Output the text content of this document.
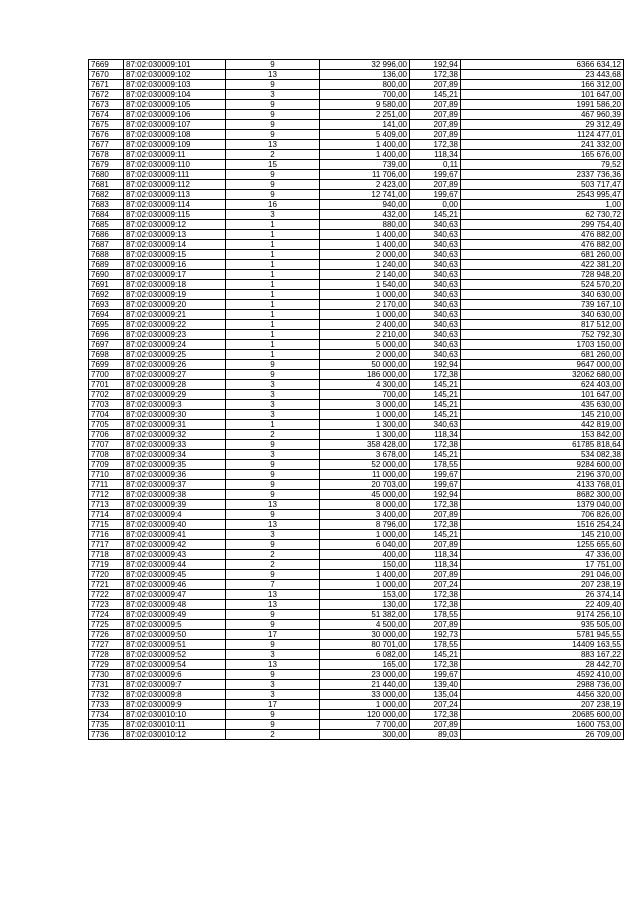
7669	87:02:030009:101	9	32 996,00	192,94	6366 634,12
7670	87:02:030009:102	13	136,00	172,38	23 443,68
7671	87:02:030009:103	9	800,00	207,89	166 312,00
7672	87:02:030009:104	3	700,00	145,21	101 647,00
7673	87:02:030009:105	9	9 580,00	207,89	1991 586,20
7674	87:02:030009:106	9	2 251,00	207,89	467 960,39
7675	87:02:030009:107	9	141,00	207,89	29 312,49
7676	87:02:030009:108	9	5 409,00	207,89	1124 477,01
7677	87:02:030009:109	13	1 400,00	172,38	241 332,00
7678	87:02:030009:11	2	1 400,00	118,34	165 676,00
7679	87:02:030009:110	15	739,00	0,11	79,52
7680	87:02:030009:111	9	11 706,00	199,67	2337 736,36
7681	87:02:030009:112	9	2 423,00	207,89	503 717,47
7682	87:02:030009:113	9	12 741,00	199,67	2543 995,47
7683	87:02:030009:114	16	940,00	0,00	1,00
7684	87:02:030009:115	3	432,00	145,21	62 730,72
7685	87:02:030009:12	1	880,00	340,63	299 754,40
7686	87:02:030009:13	1	1 400,00	340,63	476 882,00
7687	87:02:030009:14	1	1 400,00	340,63	476 882,00
7688	87:02:030009:15	1	2 000,00	340,63	681 260,00
7689	87:02:030009:16	1	1 240,00	340,63	422 381,20
7690	87:02:030009:17	1	2 140,00	340,63	728 948,20
7691	87:02:030009:18	1	1 540,00	340,63	524 570,20
7692	87:02:030009:19	1	1 000,00	340,63	340 630,00
7693	87:02:030009:20	1	2 170,00	340,63	739 167,10
7694	87:02:030009:21	1	1 000,00	340,63	340 630,00
7695	87:02:030009:22	1	2 400,00	340,63	817 512,00
7696	87:02:030009:23	1	2 210,00	340,63	752 792,30
7697	87:02:030009:24	1	5 000,00	340,63	1703 150,00
7698	87:02:030009:25	1	2 000,00	340,63	681 260,00
7699	87:02:030009:26	9	50 000,00	192,94	9647 000,00
7700	87:02:030009:27	9	186 000,00	172,38	32062 680,00
7701	87:02:030009:28	3	4 300,00	145,21	624 403,00
7702	87:02:030009:29	3	700,00	145,21	101 647,00
7703	87:02:030009:3	3	3 000,00	145,21	435 630,00
7704	87:02:030009:30	3	1 000,00	145,21	145 210,00
7705	87:02:030009:31	1	1 300,00	340,63	442 819,00
7706	87:02:030009:32	2	1 300,00	118,34	153 842,00
7707	87:02:030009:33	9	358 428,00	172,38	61785 818,64
7708	87:02:030009:34	3	3 678,00	145,21	534 082,38
7709	87:02:030009:35	9	52 000,00	178,55	9284 600,00
7710	87:02:030009:36	9	11 000,00	199,67	2196 370,00
7711	87:02:030009:37	9	20 703,00	199,67	4133 768,01
7712	87:02:030009:38	9	45 000,00	192,94	8682 300,00
7713	87:02:030009:39	13	8 000,00	172,38	1379 040,00
7714	87:02:030009:4	9	3 400,00	207,89	706 826,00
7715	87:02:030009:40	13	8 796,00	172,38	1516 254,24
7716	87:02:030009:41	3	1 000,00	145,21	145 210,00
7717	87:02:030009:42	9	6 040,00	207,89	1255 655,60
7718	87:02:030009:43	2	400,00	118,34	47 336,00
7719	87:02:030009:44	2	150,00	118,34	17 751,00
7720	87:02:030009:45	9	1 400,00	207,89	291 046,00
7721	87:02:030009:46	7	1 000,00	207,24	207 238,19
7722	87:02:030009:47	13	153,00	172,38	26 374,14
7723	87:02:030009:48	13	130,00	172,38	22 409,40
7724	87:02:030009:49	9	51 382,00	178,55	9174 256,10
7725	87:02:030009:5	9	4 500,00	207,89	935 505,00
7726	87:02:030009:50	17	30 000,00	192,73	5781 945,55
7727	87:02:030009:51	9	80 701,00	178,55	14409 163,55
7728	87:02:030009:52	3	6 082,00	145,21	883 167,22
7729	87:02:030009:54	13	165,00	172,38	28 442,70
7730	87:02:030009:6	9	23 000,00	199,67	4592 410,00
7731	87:02:030009:7	3	21 440,00	139,40	2988 736,00
7732	87:02:030009:8	3	33 000,00	135,04	4456 320,00
7733	87:02:030009:9	17	1 000,00	207,24	207 238,19
7734	87:02:030010:10	9	120 000,00	172,38	20685 600,00
7735	87:02:030010:11	9	7 700,00	207,89	1600 753,00
7736	87:02:030010:12	2	300,00	89,03	26 709,00
